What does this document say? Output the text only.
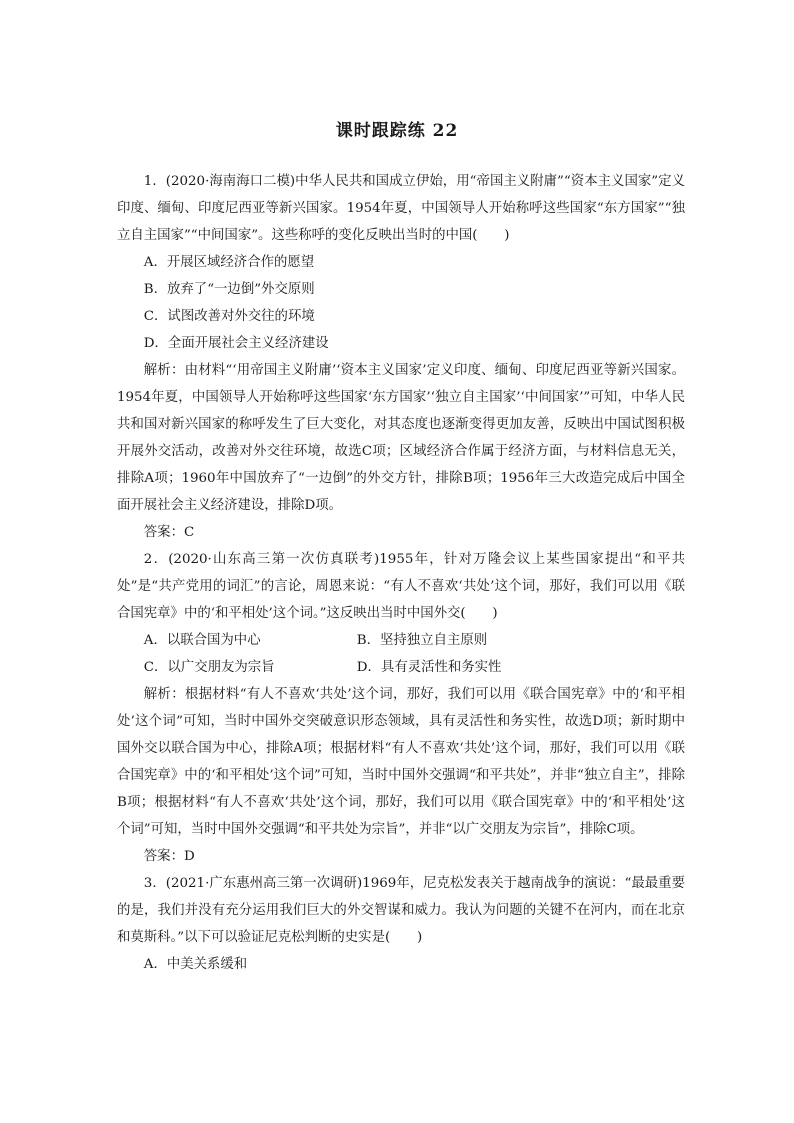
课时跟踪练 22

1．(2020·海南海口二模)中华人民共和国成立伊始，用“帝国主义附庸”“资本主义国家”定义印度、缅甸、印度尼西亚等新兴国家。1954年夏，中国领导人开始称呼这些国家“东方国家”“独立自主国家”“中间国家”。这些称呼的变化反映出当时的中国(　　)

A．开展区域经济合作的愿望

B．放弃了“一边倒”外交原则

C．试图改善对外交往的环境

D．全面开展社会主义经济建设

解析：由材料“‘用帝国主义附庸’‘资本主义国家’定义印度、缅甸、印度尼西亚等新兴国家。1954年夏，中国领导人开始称呼这些国家‘东方国家’‘独立自主国家’‘中间国家’”可知，中华人民共和国对新兴国家的称呼发生了巨大变化，对其态度也逐渐变得更加友善，反映出中国试图积极开展外交活动，改善对外交往环境，故选C项；区域经济合作属于经济方面，与材料信息无关，排除A项；1960年中国放弃了“一边倒”的外交方针，排除B项；1956年三大改造完成后中国全面开展社会主义经济建设，排除D项。

答案：C

2．(2020·山东高三第一次仿真联考)1955年，针对万隆会议上某些国家提出“和平共处”是“共产党用的词汇”的言论，周恩来说：“有人不喜欢‘共处’这个词，那好，我们可以用《联合国宪章》中的‘和平相处’这个词。”这反映出当时中国外交(　　)

A．以联合国为中心	B．坚持独立自主原则
C．以广交朋友为宗旨	D．具有灵活性和务实性

解析：根据材料“有人不喜欢‘共处’这个词，那好，我们可以用《联合国宪章》中的‘和平相处’这个词”可知，当时中国外交突破意识形态领域，具有灵活性和务实性，故选D项；新时期中国外交以联合国为中心，排除A项；根据材料“有人不喜欢‘共处’这个词，那好，我们可以用《联合国宪章》中的‘和平相处’这个词”可知，当时中国外交强调“和平共处”，并非“独立自主”，排除B项；根据材料“有人不喜欢‘共处’这个词，那好，我们可以用《联合国宪章》中的‘和平相处’这个词”可知，当时中国外交强调“和平共处为宗旨”，并非“以广交朋友为宗旨”，排除C项。

答案：D

3．(2021·广东惠州高三第一次调研)1969年，尼克松发表关于越南战争的演说：“最最重要的是，我们并没有充分运用我们巨大的外交智谋和威力。我认为问题的关键不在河内，而在北京和莫斯科。”以下可以验证尼克松判断的史实是(　　)

A．中美关系缓和
